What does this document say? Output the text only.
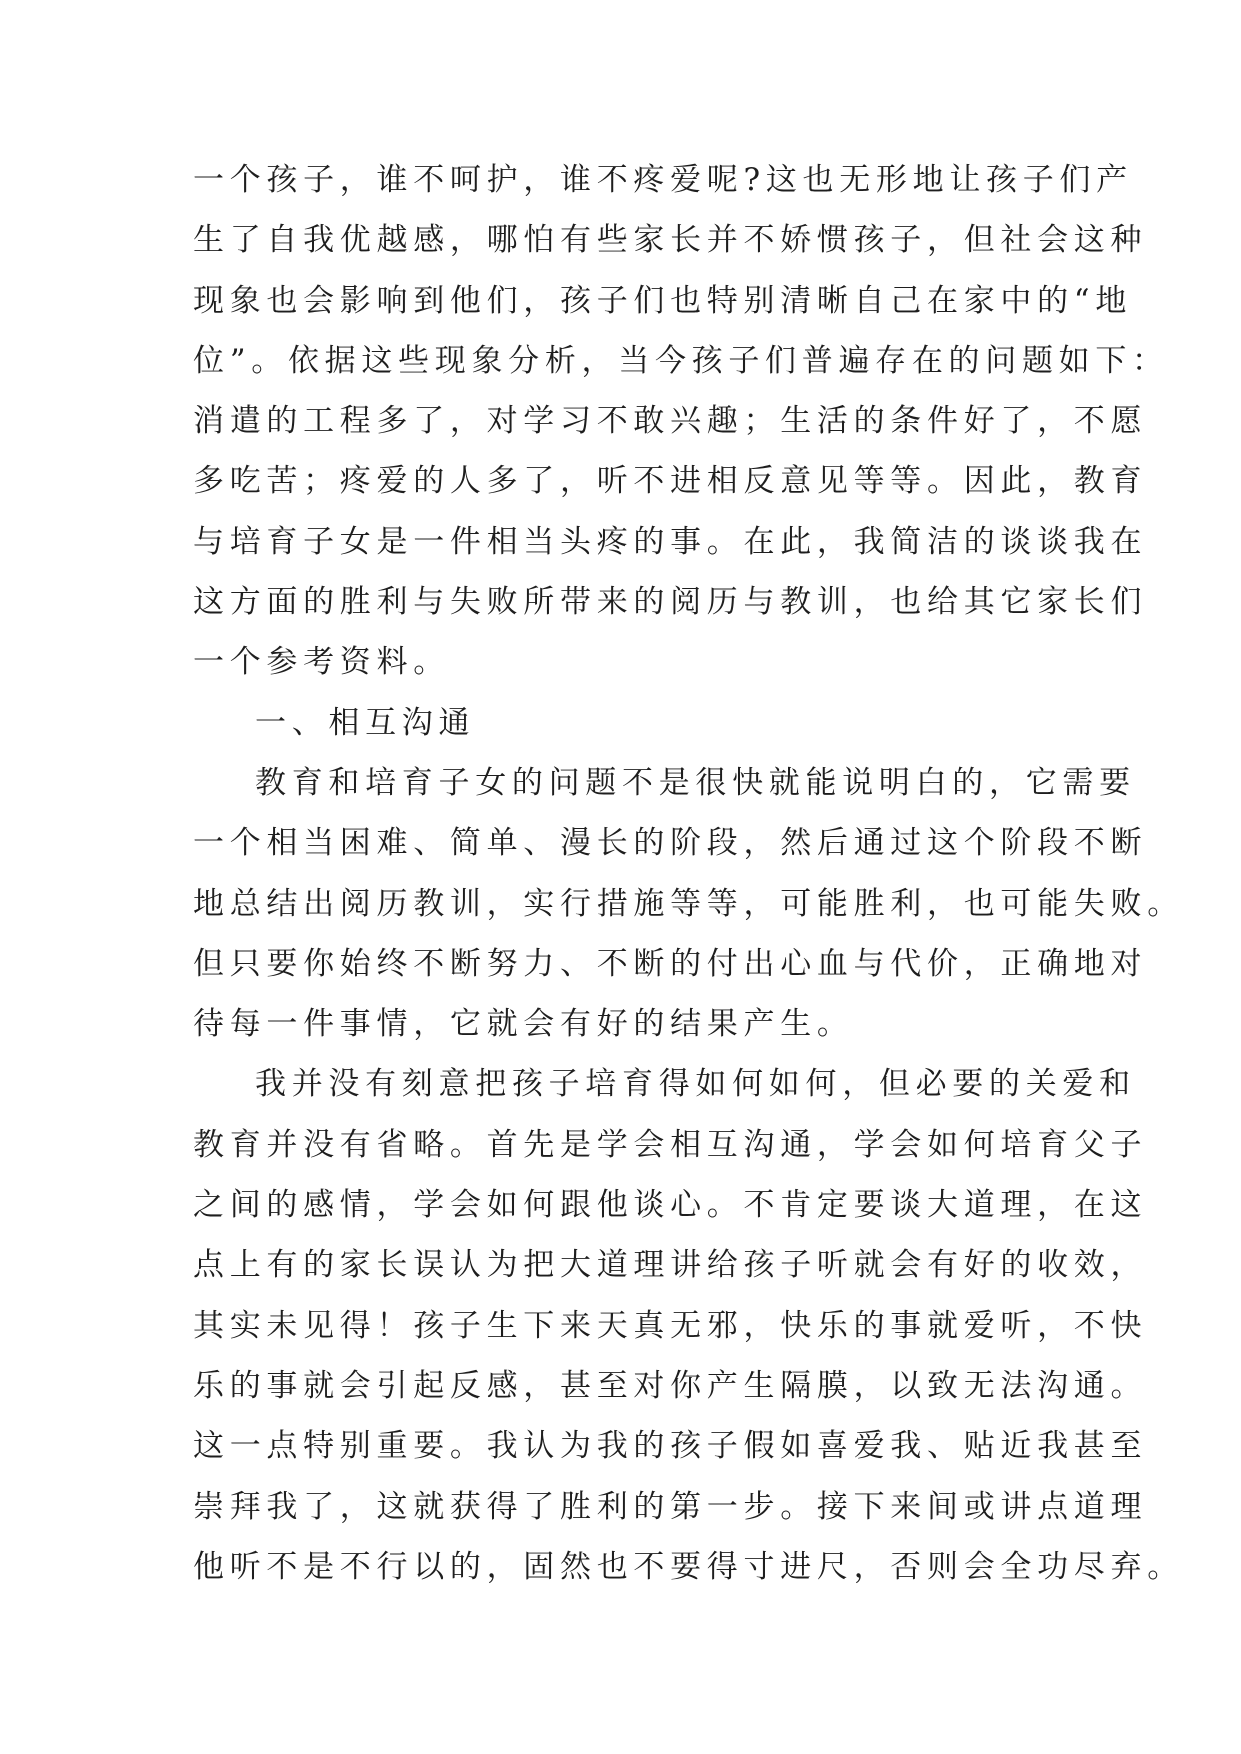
一个孩子，谁不呵护，谁不疼爱呢?这也无形地让孩子们产
生了自我优越感，哪怕有些家长并不娇惯孩子，但社会这种
现象也会影响到他们，孩子们也特别清晰自己在家中的“地
位”。依据这些现象分析，当今孩子们普遍存在的问题如下：
消遣的工程多了，对学习不敢兴趣；生活的条件好了，不愿
多吃苦；疼爱的人多了，听不进相反意见等等。因此，教育
与培育子女是一件相当头疼的事。在此，我简洁的谈谈我在
这方面的胜利与失败所带来的阅历与教训，也给其它家长们
一个参考资料。
一、相互沟通
教育和培育子女的问题不是很快就能说明白的，它需要
一个相当困难、简单、漫长的阶段，然后通过这个阶段不断
地总结出阅历教训，实行措施等等，可能胜利，也可能失败。
但只要你始终不断努力、不断的付出心血与代价，正确地对
待每一件事情，它就会有好的结果产生。
我并没有刻意把孩子培育得如何如何，但必要的关爱和
教育并没有省略。首先是学会相互沟通，学会如何培育父子
之间的感情，学会如何跟他谈心。不肯定要谈大道理，在这
点上有的家长误认为把大道理讲给孩子听就会有好的收效，
其实未见得！孩子生下来天真无邪，快乐的事就爱听，不快
乐的事就会引起反感，甚至对你产生隔膜，以致无法沟通。
这一点特别重要。我认为我的孩子假如喜爱我、贴近我甚至
崇拜我了，这就获得了胜利的第一步。接下来间或讲点道理
他听不是不行以的，固然也不要得寸进尺，否则会全功尽弃。
